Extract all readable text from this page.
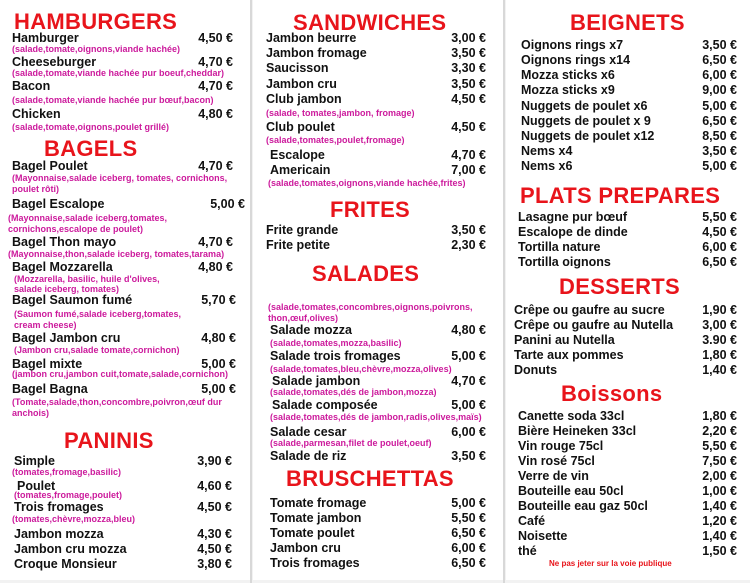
HAMBURGERS
Hamburger	4,50 €
(salade,tomate,oignons,viande hachée)
Cheeseburger	4,70 €
(salade,tomate,viande hachée pur boeuf,cheddar)
Bacon	4,70 €
(salade,tomate,viande hachée pur bœuf,bacon)
Chicken	4,80 €
(salade,tomate,oignons,poulet grillé)
BAGELS
Bagel Poulet	4,70 €
(Mayonnaise,salade iceberg, tomates, cornichons,
poulet rôti)
Bagel Escalope	5,00 €
(Mayonnaise,salade iceberg,tomates,
cornichons,escalope de poulet)
Bagel Thon mayo	4,70 €
(Mayonnaise,thon,salade iceberg, tomates,tarama)
Bagel Mozzarella	4,80 €
(Mozzarella, basilic, huile d'olives,
salade iceberg, tomates)
Bagel Saumon fumé	5,70 €
(Saumon fumé,salade iceberg,tomates,
cream cheese)
Bagel Jambon cru	4,80 €
(Jambon cru,salade tomate,cornichon)
Bagel mixte	5,00 €
(jambon cru,jambon cuit,tomate,salade,cornichon)
Bagel Bagna	5,00 €
(Tomate,salade,thon,concombre,poivron,œuf dur
anchois)
PANINIS
Simple	3,90 €
(tomates,fromage,basilic)
Poulet	4,60 €
(tomates,fromage,poulet)
Trois fromages	4,50 €
(tomates,chèvre,mozza,bleu)
Jambon mozza	4,30 €
Jambon cru mozza	4,50 €
Croque Monsieur	3,80 €
SANDWICHES
Jambon beurre	3,00 €
Jambon fromage	3,50 €
Saucisson	3,30 €
Jambon cru	3,50 €
Club jambon	4,50 €
(salade, tomates,jambon, fromage)
Club poulet	4,50 €
(salade,tomates,poulet,fromage)
Escalope	4,70 €
Americain	7,00 €
(salade,tomates,oignons,viande hachée,frites)
FRITES
Frite grande	3,50 €
Frite petite	2,30 €
SALADES
(salade,tomates,concombres,oignons,poivrons,
thon,œuf,olives)
Salade mozza	4,80 €
(salade,tomates,mozza,basilic)
Salade trois fromages	5,00 €
(salade,tomates,bleu,chèvre,mozza,olives)
Salade jambon	4,70 €
(salade,tomates,dés de jambon,mozza)
Salade composée	5,00 €
(salade,tomates,dés de jambon,radis,olives,maïs)
Salade cesar	6,00 €
(salade,parmesan,filet de poulet,oeuf)
Salade de riz	3,50 €
BRUSCHETTAS
Tomate fromage	5,00 €
Tomate jambon	5,50 €
Tomate poulet	6,50 €
Jambon cru	6,00 €
Trois fromages	6,50 €
BEIGNETS
Oignons rings x7	3,50 €
Oignons rings x14	6,50 €
Mozza sticks x6	6,00 €
Mozza sticks x9	9,00 €
Nuggets de poulet x6	5,00 €
Nuggets de poulet x 9	6,50 €
Nuggets de poulet x12	8,50 €
Nems x4	3,50 €
Nems x6	5,00 €
PLATS PREPARES
Lasagne pur bœuf	5,50 €
Escalope de dinde	4,50 €
Tortilla nature	6,00 €
Tortilla oignons	6,50 €
DESSERTS
Crêpe ou gaufre au sucre	1,90 €
Crêpe ou gaufre au Nutella 3,00 €
Panini au Nutella	3.90 €
Tarte aux pommes	1,80 €
Donuts	1,40 €
Boissons
Canette soda 33cl	1,80 €
Bière Heineken 33cl	2,20 €
Vin rouge 75cl	5,50 €
Vin rosé 75cl	7,50 €
Verre de vin	2,00 €
Bouteille eau 50cl	1,00 €
Bouteille eau gaz 50cl	1,40 €
Café	1,20 €
Noisette	1,40 €
thé	1,50 €
Ne pas jeter sur la voie publique
